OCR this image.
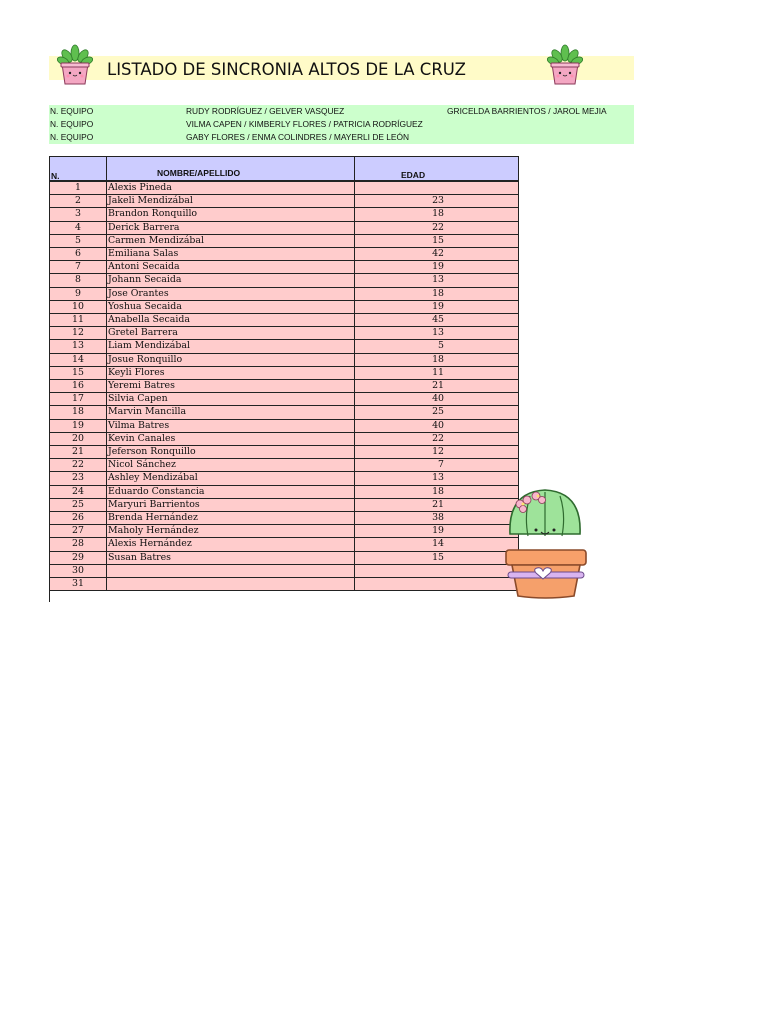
LISTADO DE SINCRONIA ALTOS DE LA CRUZ
N. EQUIPO	RUDY RODRÍGUEZ / GELVER VASQUEZ	GRICELDA BARRIENTOS / JAROL MEJIA
N. EQUIPO	VILMA CAPEN / KIMBERLY FLORES / PATRICIA RODRÍGUEZ
N. EQUIPO	GABY FLORES / ENMA COLINDRES / MAYERLI DE LEÓN
N.	NOMBRE/APELLIDO	EDAD
1	Alexis Pineda
2	Jakeli Mendizábal	23
3	Brandon Ronquillo	18
4	Derick Barrera	22
5	Carmen Mendizábal	15
6	Emiliana Salas	42
7	Antoni Secaida	19
8	Johann Secaida	13
9	Jose Orantes	18
10	Yoshua Secaida	19
11	Anabella Secaida	45
12	Gretel Barrera	13
13	Liam Mendizábal	5
14	Josue Ronquillo	18
15	Keyli Flores	11
16	Yeremi Batres	21
17	Silvia Capen	40
18	Marvin Mancilla	25
19	Vilma Batres	40
20	Kevin Canales	22
21	Jeferson Ronquillo	12
22	Nicol Sánchez	7
23	Ashley Mendizábal	13
24	Eduardo Constancia	18
25	Maryuri Barrientos	21
26	Brenda Hernández	38
27	Maholy Hernández	19
28	Alexis Hernández	14
29	Susan Batres	15
30
31
